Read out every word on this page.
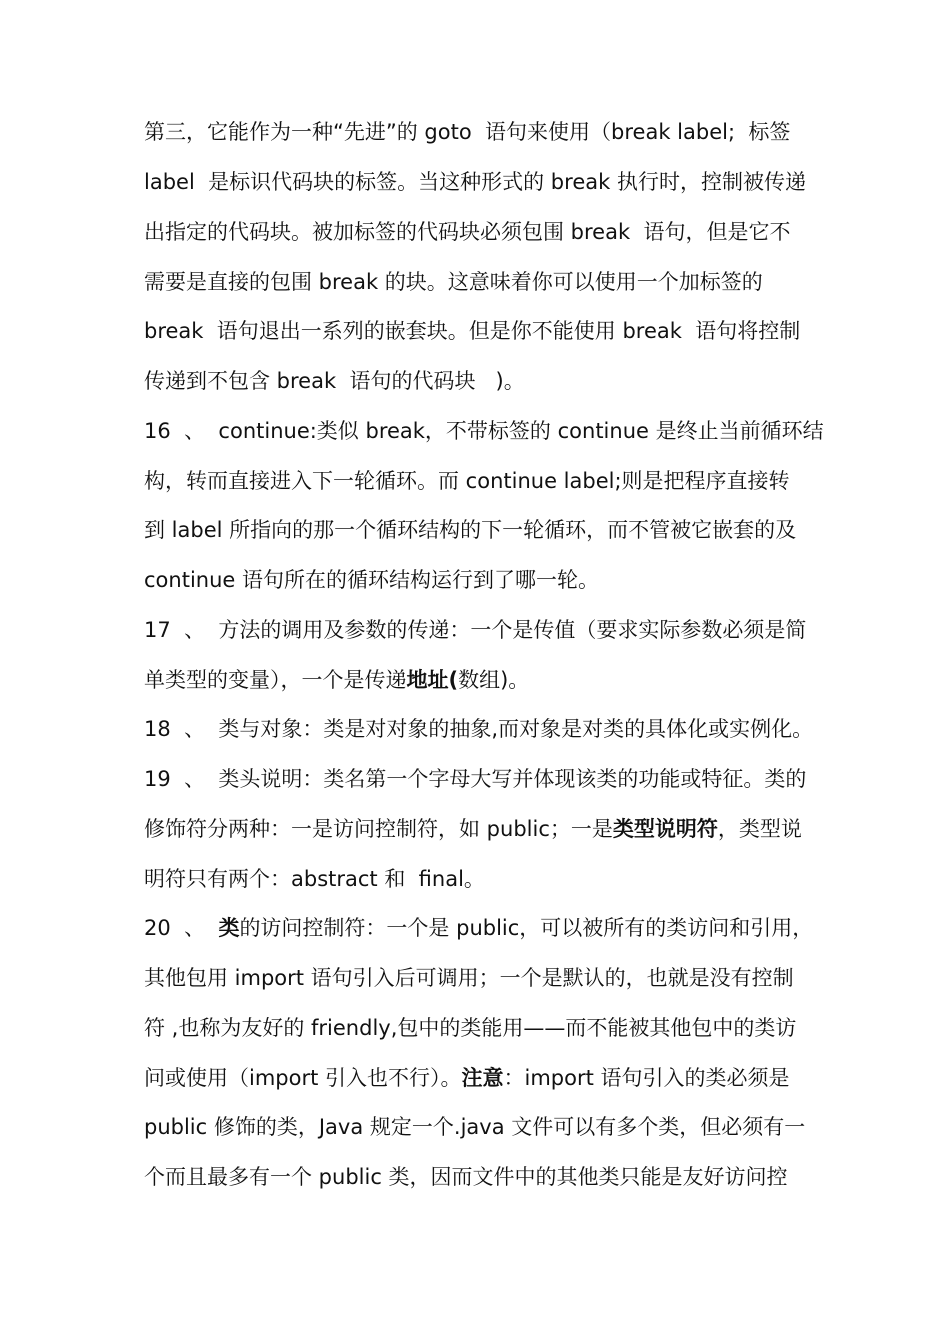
第三，它能作为一种“先进”的 goto  语句来使用（break label;  标签
label  是标识代码块的标签。当这种形式的 break 执行时，控制被传递
出指定的代码块。被加标签的代码块必须包围 break  语句，但是它不
需要是直接的包围 break 的块。这意味着你可以使用一个加标签的
break  语句退出一系列的嵌套块。但是你不能使用 break  语句将控制
传递到不包含 break  语句的代码块   )。
16  、  continue:类似 break，不带标签的 continue 是终止当前循环结
构，转而直接进入下一轮循环。而 continue label;则是把程序直接转
到 label 所指向的那一个循环结构的下一轮循环，而不管被它嵌套的及
continue 语句所在的循环结构运行到了哪一轮。
17  、  方法的调用及参数的传递：一个是传值（要求实际参数必须是简
单类型的变量），一个是传递地址(数组)。
18  、  类与对象：类是对对象的抽象,而对象是对类的具体化或实例化。
19  、  类头说明：类名第一个字母大写并体现该类的功能或特征。类的
修饰符分两种：一是访问控制符，如 public；一是类型说明符，类型说
明符只有两个：abstract 和  final。
20  、  类的访问控制符：一个是 public，可以被所有的类访问和引用，
其他包用 import 语句引入后可调用；一个是默认的，也就是没有控制
符 ,也称为友好的 friendly,包中的类能用——而不能被其他包中的类访
问或使用（import 引入也不行）。注意：import 语句引入的类必须是
public 修饰的类，Java 规定一个.java 文件可以有多个类，但必须有一
个而且最多有一个 public 类，因而文件中的其他类只能是友好访问控
